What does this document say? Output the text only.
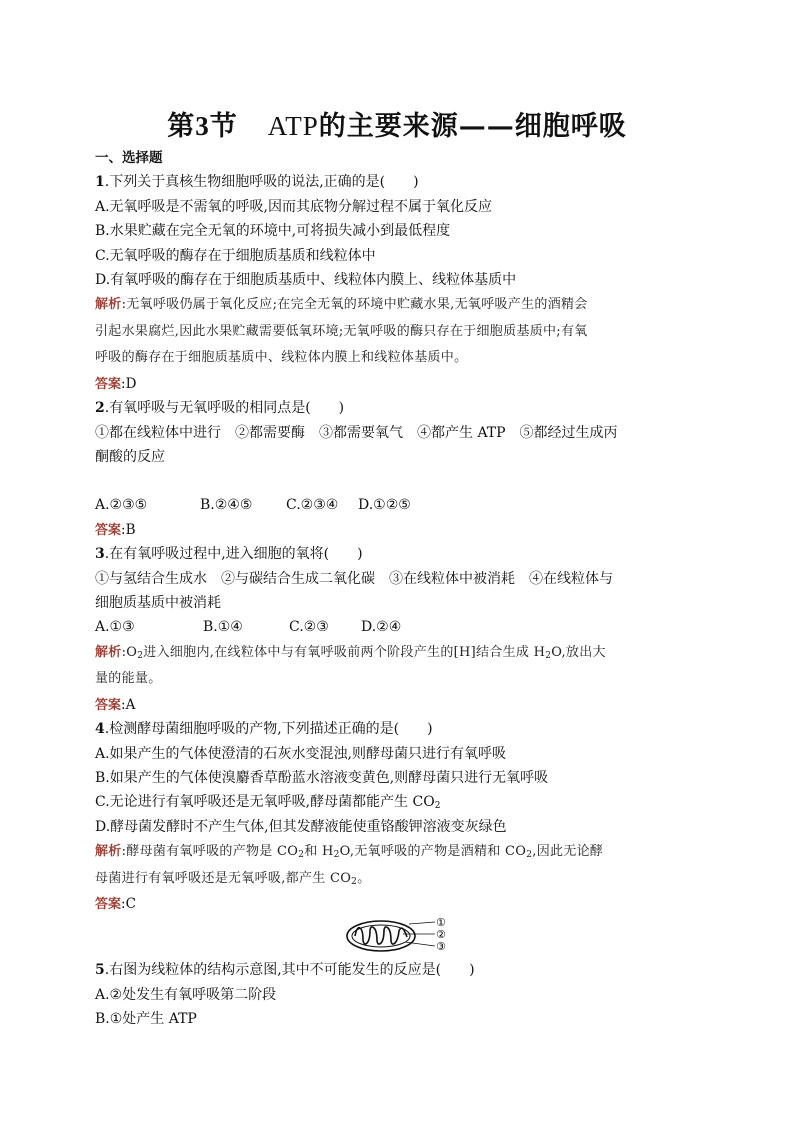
第3节 ATP的主要来源——细胞呼吸
一、选择题
1.下列关于真核生物细胞呼吸的说法,正确的是(　　)
A.无氧呼吸是不需氧的呼吸,因而其底物分解过程不属于氧化反应
B.水果贮藏在完全无氧的环境中,可将损失减小到最低程度
C.无氧呼吸的酶存在于细胞质基质和线粒体中
D.有氧呼吸的酶存在于细胞质基质中、线粒体内膜上、线粒体基质中
解析:无氧呼吸仍属于氧化反应;在完全无氧的环境中贮藏水果,无氧呼吸产生的酒精会
引起水果腐烂,因此水果贮藏需要低氧环境;无氧呼吸的酶只存在于细胞质基质中;有氧
呼吸的酶存在于细胞质基质中、线粒体内膜上和线粒体基质中。
答案:D
2.有氧呼吸与无氧呼吸的相同点是(　　)
①都在线粒体中进行　②都需要酶　③都需要氧气　④都产生 ATP　⑤都经过生成丙
酮酸的反应
A.②③⑤	B.②④⑤ C.②③④ D.①②⑤
答案:B
3.在有氧呼吸过程中,进入细胞的氧将(　　)
①与氢结合生成水　②与碳结合生成二氧化碳　③在线粒体中被消耗　④在线粒体与
细胞质基质中被消耗
A.①③	B.①④	C.②③ D.②④
解析$:O_2$进入细胞内,在线粒体中与有氧呼吸前两个阶段产生的[H]结合生成 $H_2O$,放出大
量的能量。
答案:A
4.检测酵母菌细胞呼吸的产物,下列描述正确的是(　　)
A.如果产生的气体使澄清的石灰水变混浊,则酵母菌只进行有氧呼吸
B.如果产生的气体使溴麝香草酚蓝水溶液变黄色,则酵母菌只进行无氧呼吸
C.无论进行有氧呼吸还是无氧呼吸,酵母菌都能产生 $CO_2$
D.酵母菌发酵时不产生气体,但其发酵液能使重铬酸钾溶液变灰绿色
解析:酵母菌有氧呼吸的产物是 $CO_2$和 $H_2O$,无氧呼吸的产物是酒精和 $CO_2$,因此无论酵
母菌进行有氧呼吸还是无氧呼吸,都产生 $CO_2$。
答案:C
①
②
③
5.右图为线粒体的结构示意图,其中不可能发生的反应是(　　)
A.②处发生有氧呼吸第二阶段
B.①处产生 ATP
